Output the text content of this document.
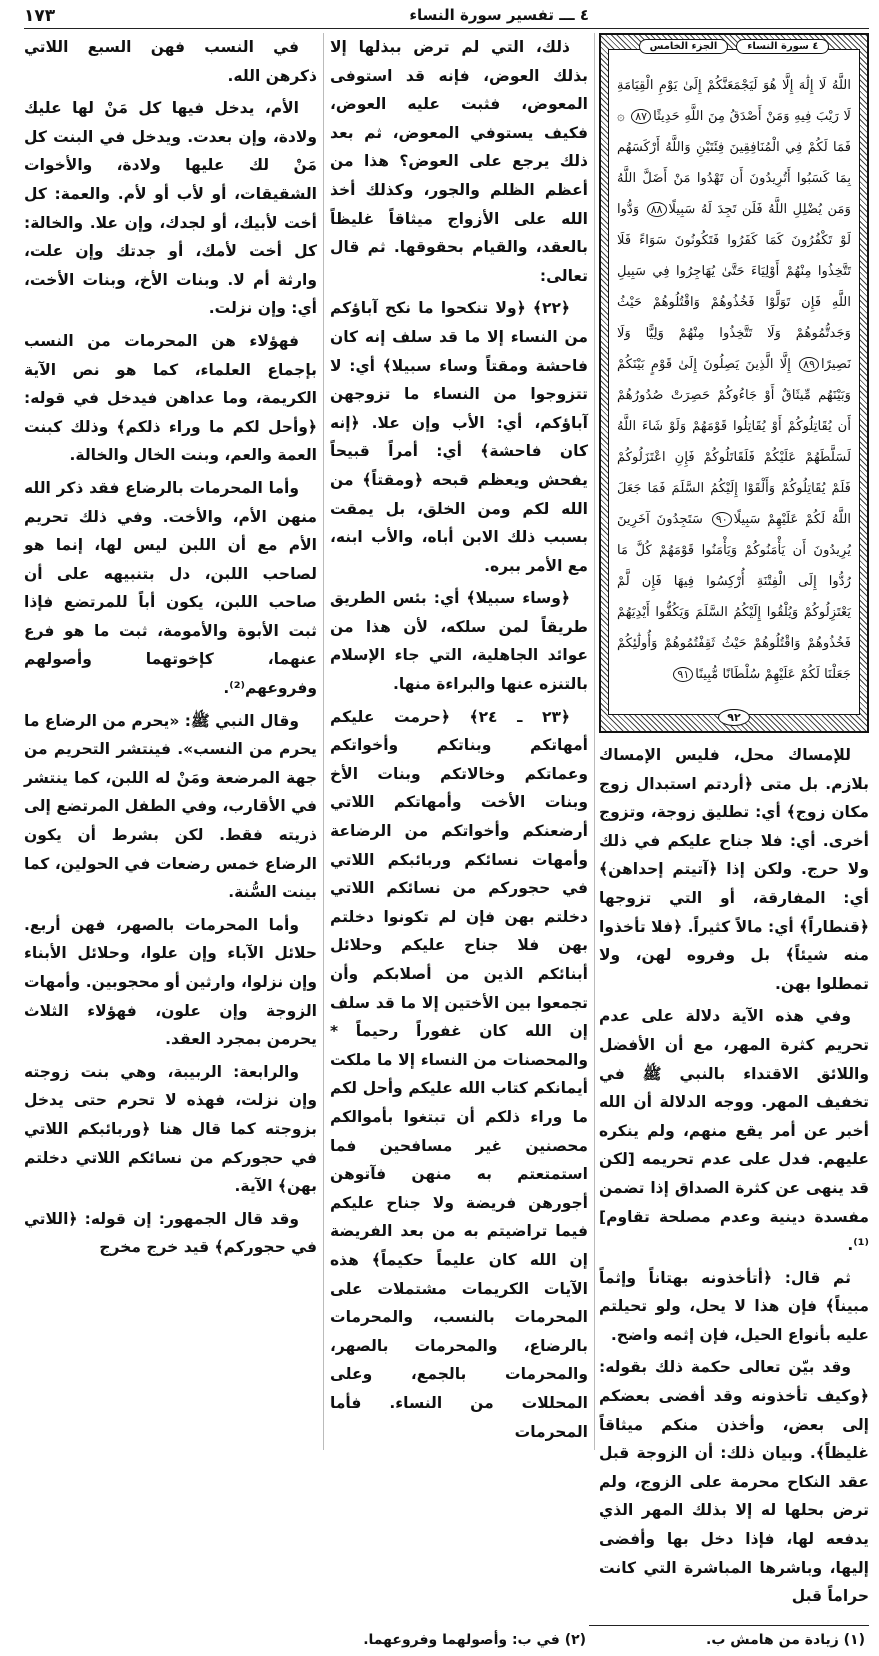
١٧٣	٤ ـــ تفسير سورة النساء
٤ سورة النساء
الجزء الخامس
اللَّهُ لَا إِلَٰهَ إِلَّا هُوَ لَيَجْمَعَنَّكُمْ إِلَىٰ يَوْمِ الْقِيَامَةِ لَا رَيْبَ فِيهِ وَمَنْ أَصْدَقُ مِنَ اللَّهِ حَدِيثًا٨٧ ۞ فَمَا لَكُمْ فِي الْمُنَافِقِينَ فِئَتَيْنِ وَاللَّهُ أَرْكَسَهُم بِمَا كَسَبُوا أَتُرِيدُونَ أَن تَهْدُوا مَنْ أَضَلَّ اللَّهُ وَمَن يُضْلِلِ اللَّهُ فَلَن تَجِدَ لَهُ سَبِيلًا٨٨ وَدُّوا لَوْ تَكْفُرُونَ كَمَا كَفَرُوا فَتَكُونُونَ سَوَاءً فَلَا تَتَّخِذُوا مِنْهُمْ أَوْلِيَاءَ حَتَّىٰ يُهَاجِرُوا فِي سَبِيلِ اللَّهِ فَإِن تَوَلَّوْا فَخُذُوهُمْ وَاقْتُلُوهُمْ حَيْثُ وَجَدتُّمُوهُمْ وَلَا تَتَّخِذُوا مِنْهُمْ وَلِيًّا وَلَا نَصِيرًا٨٩ إِلَّا الَّذِينَ يَصِلُونَ إِلَىٰ قَوْمٍ بَيْنَكُمْ وَبَيْنَهُم مِّيثَاقٌ أَوْ جَاءُوكُمْ حَصِرَتْ صُدُورُهُمْ أَن يُقَاتِلُوكُمْ أَوْ يُقَاتِلُوا قَوْمَهُمْ وَلَوْ شَاءَ اللَّهُ لَسَلَّطَهُمْ عَلَيْكُمْ فَلَقَاتَلُوكُمْ فَإِنِ اعْتَزَلُوكُمْ فَلَمْ يُقَاتِلُوكُمْ وَأَلْقَوْا إِلَيْكُمُ السَّلَمَ فَمَا جَعَلَ اللَّهُ لَكُمْ عَلَيْهِمْ سَبِيلًا٩٠ سَتَجِدُونَ آخَرِينَ يُرِيدُونَ أَن يَأْمَنُوكُمْ وَيَأْمَنُوا قَوْمَهُمْ كُلَّ مَا رُدُّوا إِلَى الْفِتْنَةِ أُرْكِسُوا فِيهَا فَإِن لَّمْ يَعْتَزِلُوكُمْ وَيُلْقُوا إِلَيْكُمُ السَّلَمَ وَيَكُفُّوا أَيْدِيَهُمْ فَخُذُوهُمْ وَاقْتُلُوهُمْ حَيْثُ ثَقِفْتُمُوهُمْ وَأُولَٰئِكُمْ جَعَلْنَا لَكُمْ عَلَيْهِمْ سُلْطَانًا مُّبِينًا٩١
٩٢

للإمساك محل، فليس الإمساك بلازم. بل متى ﴿أردتم استبدال زوج مكان زوج﴾ أي: تطليق زوجة، وتزوج أخرى. أي: فلا جناح عليكم في ذلك ولا حرج. ولكن إذا ﴿آتيتم إحداهن﴾ أي: المفارقة، أو التي تزوجها ﴿قنطاراً﴾ أي: مالاً كثيراً. ﴿فلا تأخذوا منه شيئاً﴾ بل وفروه لهن، ولا تمطلوا بهن.

وفي هذه الآية دلالة على عدم تحريم كثرة المهر، مع أن الأفضل واللائق الاقتداء بالنبي ﷺ في تخفيف المهر. ووجه الدلالة أن الله أخبر عن أمر يقع منهم، ولم ينكره عليهم. فدل على عدم تحريمه [لكن قد ينهى عن كثرة الصداق إذا تضمن مفسدة دينية وعدم مصلحة تقاوم]⁽¹⁾.

ثم قال: ﴿أتأخذونه بهتاناً وإثماً مبيناً﴾ فإن هذا لا يحل، ولو تحيلتم عليه بأنواع الحيل، فإن إثمه واضح.

وقد بيّن تعالى حكمة ذلك بقوله: ﴿وكيف تأخذونه وقد أفضى بعضكم إلى بعض، وأخذن منكم ميثاقاً غليظاً﴾. وبيان ذلك: أن الزوجة قبل عقد النكاح محرمة على الزوج، ولم ترض بحلها له إلا بذلك المهر الذي يدفعه لها، فإذا دخل بها وأفضى إليها، وباشرها المباشرة التي كانت حراماً قبل

ذلك، التي لم ترض ببذلها إلا بذلك العوض، فإنه قد استوفى المعوض، فثبت عليه العوض، فكيف يستوفي المعوض، ثم بعد ذلك يرجع على العوض؟ هذا من أعظم الظلم والجور، وكذلك أخذ الله على الأزواج ميثاقاً غليظاً بالعقد، والقيام بحقوقها. ثم قال تعالى:

﴿٢٢﴾ ﴿ولا تنكحوا ما نكح آباؤكم من النساء إلا ما قد سلف إنه كان فاحشة ومقتاً وساء سبيلا﴾ أي: لا تتزوجوا من النساء ما تزوجهن آباؤكم، أي: الأب وإن علا. ﴿إنه كان فاحشة﴾ أي: أمراً قبيحاً يفحش ويعظم قبحه ﴿ومقتاً﴾ من الله لكم ومن الخلق، بل يمقت بسبب ذلك الابن أباه، والأب ابنه، مع الأمر ببره.

﴿وساء سبيلا﴾ أي: بئس الطريق طريقاً لمن سلكه، لأن هذا من عوائد الجاهلية، التي جاء الإسلام بالتنزه عنها والبراءة منها.

﴿٢٣ ـ ٢٤﴾ ﴿حرمت عليكم أمهاتكم وبناتكم وأخواتكم وعماتكم وخالاتكم وبنات الأخ وبنات الأخت وأمهاتكم اللاتي أرضعنكم وأخواتكم من الرضاعة وأمهات نسائكم وربائبكم اللاتي في حجوركم من نسائكم اللاتي دخلتم بهن فإن لم تكونوا دخلتم بهن فلا جناح عليكم وحلائل أبنائكم الذين من أصلابكم وأن تجمعوا بين الأختين إلا ما قد سلف إن الله كان غفوراً رحيماً * والمحصنات من النساء إلا ما ملكت أيمانكم كتاب الله عليكم وأحل لكم ما وراء ذلكم أن تبتغوا بأموالكم محصنين غير مسافحين فما استمتعتم به منهن فآتوهن أجورهن فريضة ولا جناح عليكم فيما تراضيتم به من بعد الفريضة إن الله كان عليماً حكيماً﴾ هذه الآيات الكريمات مشتملات على المحرمات بالنسب، والمحرمات بالرضاع، والمحرمات بالصهر، والمحرمات بالجمع، وعلى المحللات من النساء. فأما المحرمات

في النسب فهن السبع اللاتي ذكرهن الله.

الأم، يدخل فيها كل مَنْ لها عليك ولادة، وإن بعدت. ويدخل في البنت كل مَنْ لك عليها ولادة، والأخوات الشقيقات، أو لأب أو لأم. والعمة: كل أخت لأبيك، أو لجدك، وإن علا. والخالة: كل أخت لأمك، أو جدتك وإن علت، وارثة أم لا. وبنات الأخ، وبنات الأخت، أي: وإن نزلت.

فهؤلاء هن المحرمات من النسب بإجماع العلماء، كما هو نص الآية الكريمة، وما عداهن فيدخل في قوله: ﴿وأحل لكم ما وراء ذلكم﴾ وذلك كبنت العمة والعم، وبنت الخال والخالة.

وأما المحرمات بالرضاع فقد ذكر الله منهن الأم، والأخت. وفي ذلك تحريم الأم مع أن اللبن ليس لها، إنما هو لصاحب اللبن، دل بتنبيهه على أن صاحب اللبن، يكون أباً للمرتضع فإذا ثبت الأبوة والأمومة، ثبت ما هو فرع عنهما، كإخوتهما وأصولهم وفروعهم⁽²⁾.

وقال النبي ﷺ: «يحرم من الرضاع ما يحرم من النسب». فينتشر التحريم من جهة المرضعة ومَنْ له اللبن، كما ينتشر في الأقارب، وفي الطفل المرتضع إلى ذريته فقط. لكن بشرط أن يكون الرضاع خمس رضعات في الحولين، كما بينت السُّنة.

وأما المحرمات بالصهر، فهن أربع. حلائل الآباء وإن علوا، وحلائل الأبناء وإن نزلوا، وارثين أو محجوبين. وأمهات الزوجة وإن علون، فهؤلاء الثلاث يحرمن بمجرد العقد.

والرابعة: الربيبة، وهي بنت زوجته وإن نزلت، فهذه لا تحرم حتى يدخل بزوجته كما قال هنا ﴿وربائبكم اللاتي في حجوركم من نسائكم اللاتي دخلتم بهن﴾ الآية.

وقد قال الجمهور: إن قوله: ﴿اللاتي في حجوركم﴾ قيد خرج مخرج

(١) زيادة من هامش ب.
(٢) في ب: وأصولهما وفروعهما.
